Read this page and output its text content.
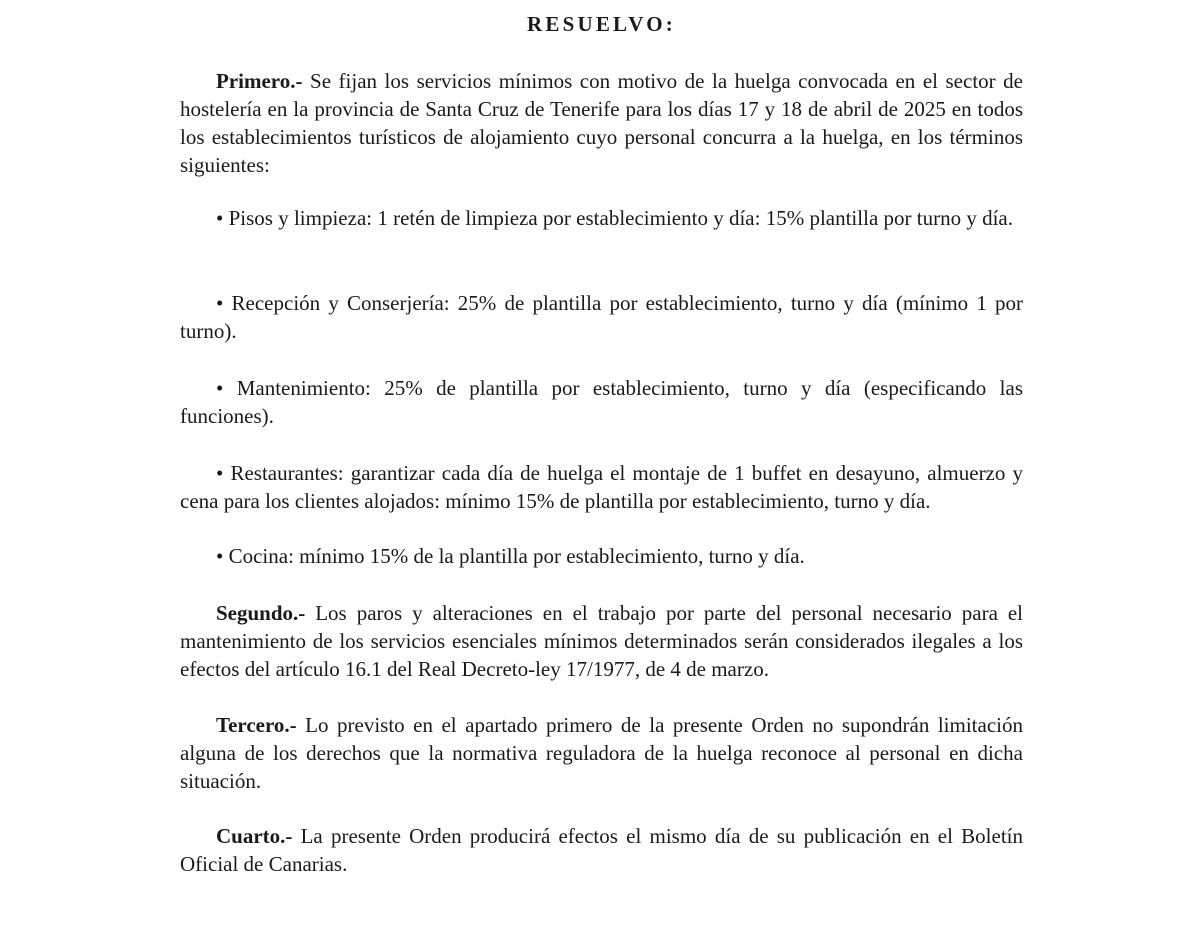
RESUELVO:

Primero.- Se fijan los servicios mínimos con motivo de la huelga convocada en el sector de hostelería en la provincia de Santa Cruz de Tenerife para los días 17 y 18 de abril de 2025 en todos los establecimientos turísticos de alojamiento cuyo personal concurra a la huelga, en los términos siguientes:

• Pisos y limpieza: 1 retén de limpieza por establecimiento y día: 15% plantilla por turno y día.

• Recepción y Conserjería: 25% de plantilla por establecimiento, turno y día (mínimo 1 por turno).

• Mantenimiento: 25% de plantilla por establecimiento, turno y día (especificando las funciones).

• Restaurantes: garantizar cada día de huelga el montaje de 1 buffet en desayuno, almuerzo y cena para los clientes alojados: mínimo 15% de plantilla por establecimiento, turno y día.

• Cocina: mínimo 15% de la plantilla por establecimiento, turno y día.

Segundo.- Los paros y alteraciones en el trabajo por parte del personal necesario para el mantenimiento de los servicios esenciales mínimos determinados serán considerados ilegales a los efectos del artículo 16.1 del Real Decreto-ley 17/1977, de 4 de marzo.

Tercero.- Lo previsto en el apartado primero de la presente Orden no supondrán limitación alguna de los derechos que la normativa reguladora de la huelga reconoce al personal en dicha situación.

Cuarto.- La presente Orden producirá efectos el mismo día de su publicación en el Boletín Oficial de Canarias.
